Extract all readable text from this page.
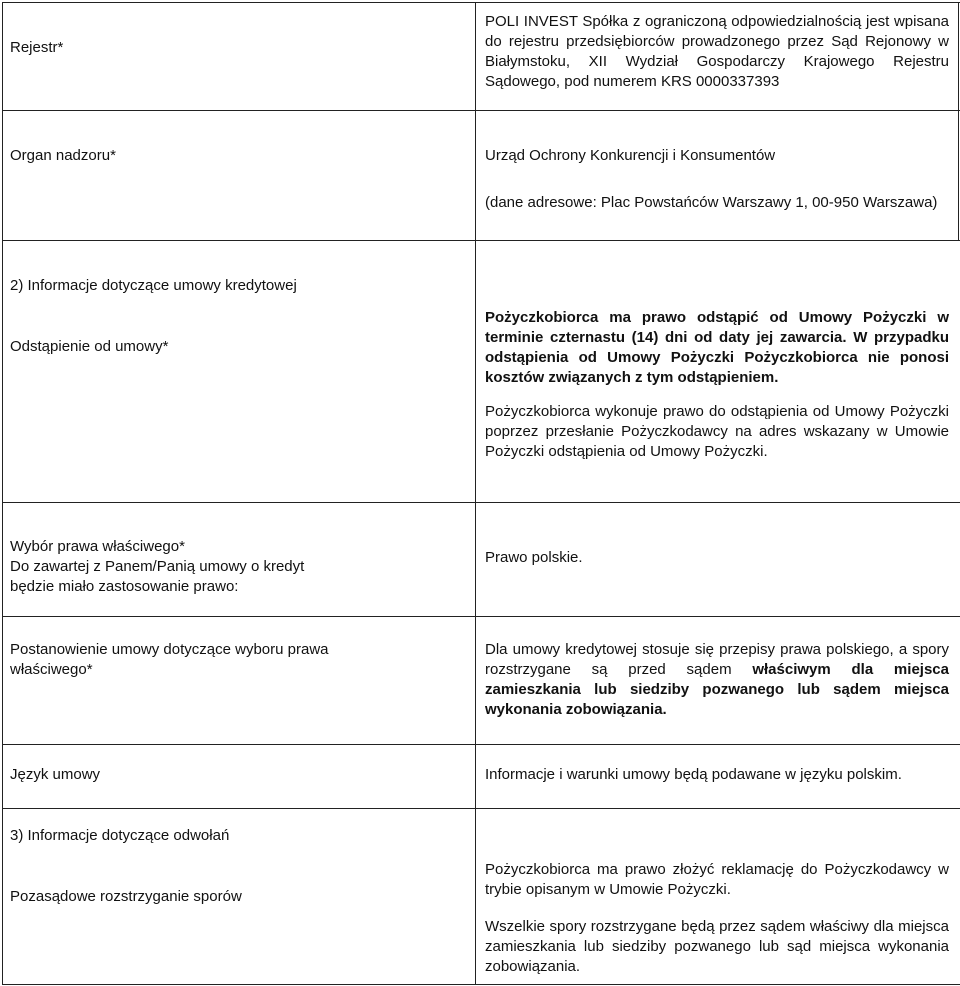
Rejestr*
POLI INVEST Spółka z ograniczoną odpowiedzialnością jest wpisana do rejestru przedsiębiorców prowadzonego przez Sąd Rejonowy w Białymstoku, XII Wydział Gospodarczy Krajowego Rejestru Sądowego, pod numerem KRS 0000337393
Organ nadzoru*	Urząd Ochrony Konkurencji i Konsumentów
(dane adresowe: Plac Powstańców Warszawy 1, 00-950 Warszawa)
2) Informacje dotyczące umowy kredytowej
Odstąpienie od umowy*
Pożyczkobiorca ma prawo odstąpić od Umowy Pożyczki w terminie czternastu (14) dni od daty jej zawarcia. W przypadku odstąpienia od Umowy Pożyczki Pożyczkobiorca nie ponosi kosztów związanych z tym odstąpieniem.
Pożyczkobiorca wykonuje prawo do odstąpienia od Umowy Pożyczki poprzez przesłanie Pożyczkodawcy na adres wskazany w Umowie Pożyczki odstąpienia od Umowy Pożyczki.
Wybór prawa właściwego*
Do zawartej z Panem/Panią umowy o kredyt będzie miało zastosowanie prawo:
Prawo polskie.
Postanowienie umowy dotyczące wyboru prawa właściwego*
Dla umowy kredytowej stosuje się przepisy prawa polskiego, a spory rozstrzygane są przed sądem właściwym dla miejsca zamieszkania lub siedziby pozwanego lub sądem miejsca wykonania zobowiązania.
Język umowy	Informacje i warunki umowy będą podawane w języku polskim.
3) Informacje dotyczące odwołań
Pozasądowe rozstrzyganie sporów
Pożyczkobiorca ma prawo złożyć reklamację do Pożyczkodawcy w trybie opisanym w Umowie Pożyczki.
Wszelkie spory rozstrzygane będą przez sądem właściwy dla miejsca zamieszkania lub siedziby pozwanego lub sąd miejsca wykonania zobowiązania.
